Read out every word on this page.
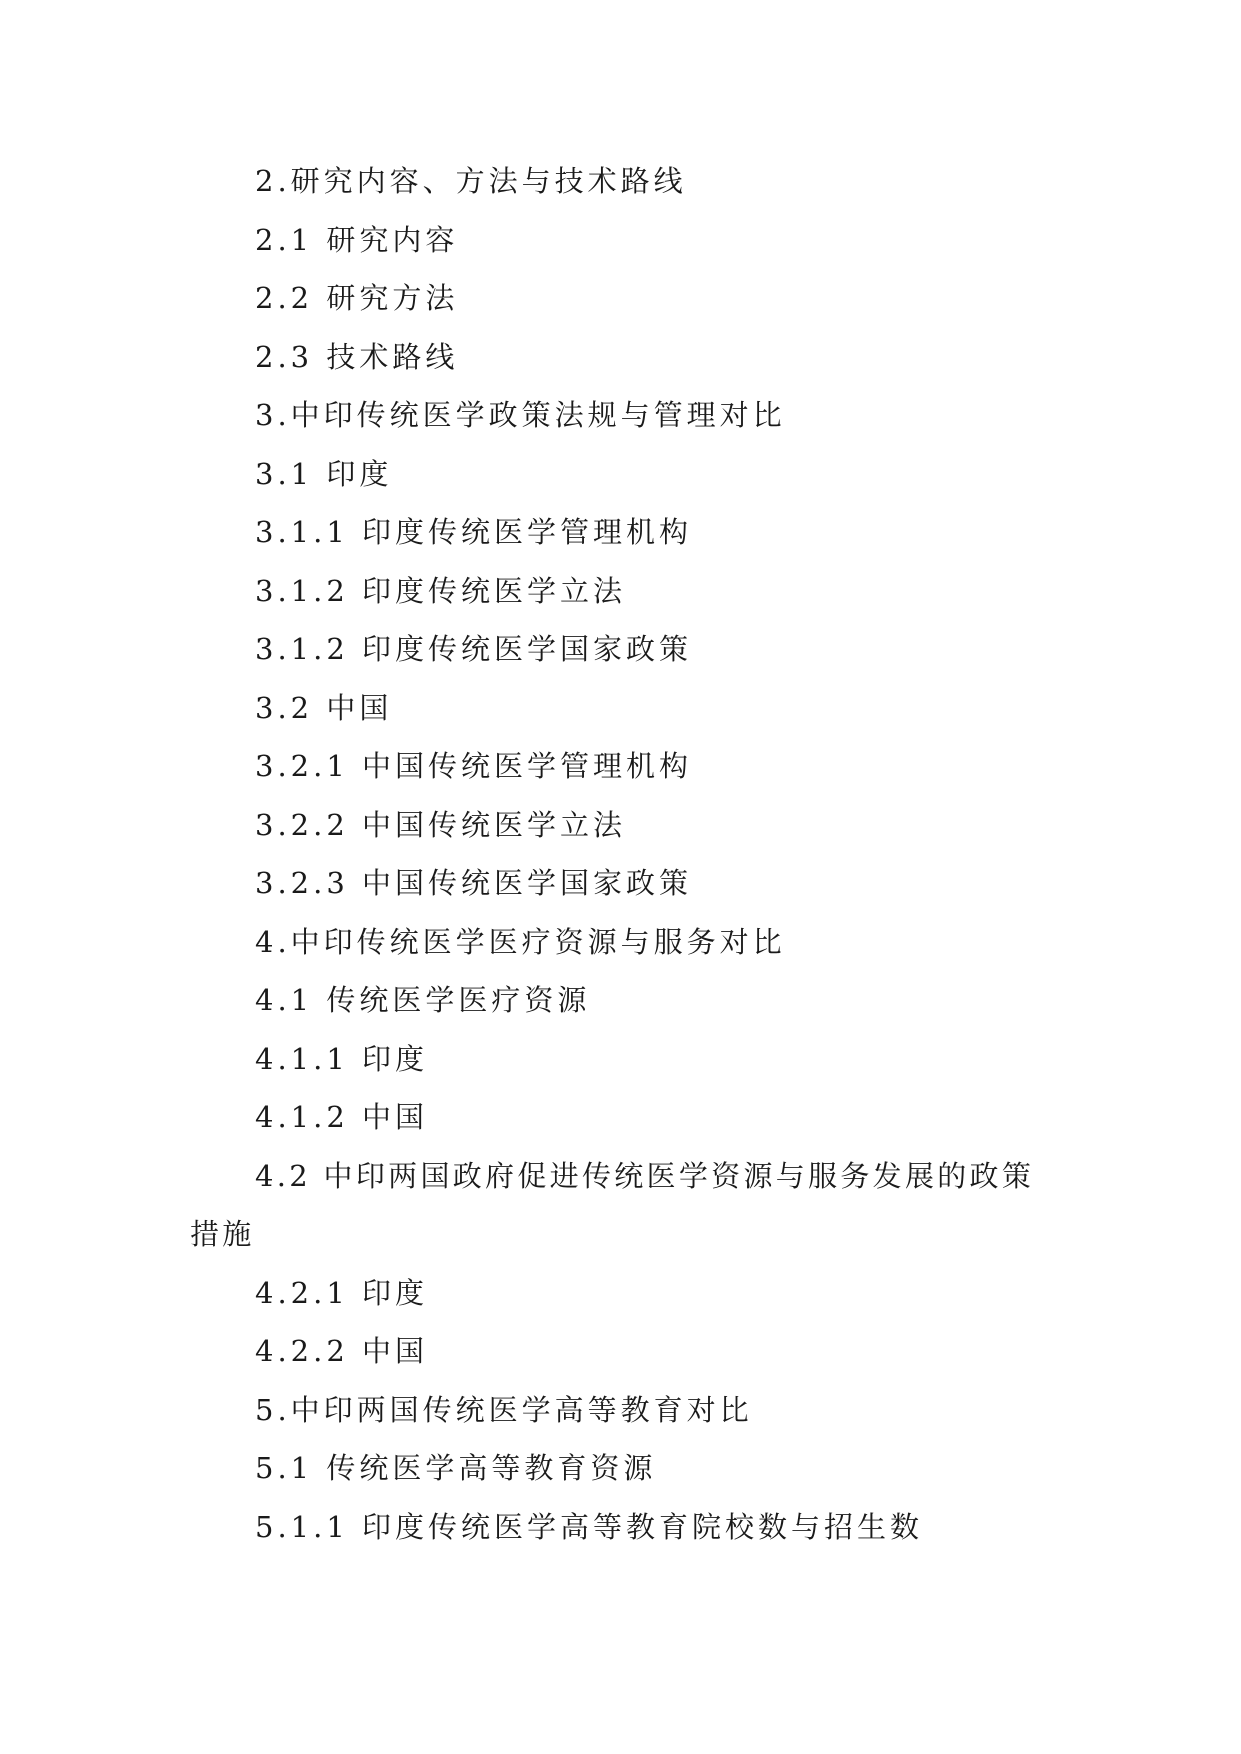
2.研究内容、方法与技术路线
2.1 研究内容
2.2 研究方法
2.3 技术路线
3.中印传统医学政策法规与管理对比
3.1 印度
3.1.1 印度传统医学管理机构
3.1.2 印度传统医学立法
3.1.2 印度传统医学国家政策
3.2 中国
3.2.1 中国传统医学管理机构
3.2.2 中国传统医学立法
3.2.3 中国传统医学国家政策
4.中印传统医学医疗资源与服务对比
4.1 传统医学医疗资源
4.1.1 印度
4.1.2 中国
4.2 中印两国政府促进传统医学资源与服务发展的政策措施
4.2.1 印度
4.2.2 中国
5.中印两国传统医学高等教育对比
5.1 传统医学高等教育资源
5.1.1 印度传统医学高等教育院校数与招生数
